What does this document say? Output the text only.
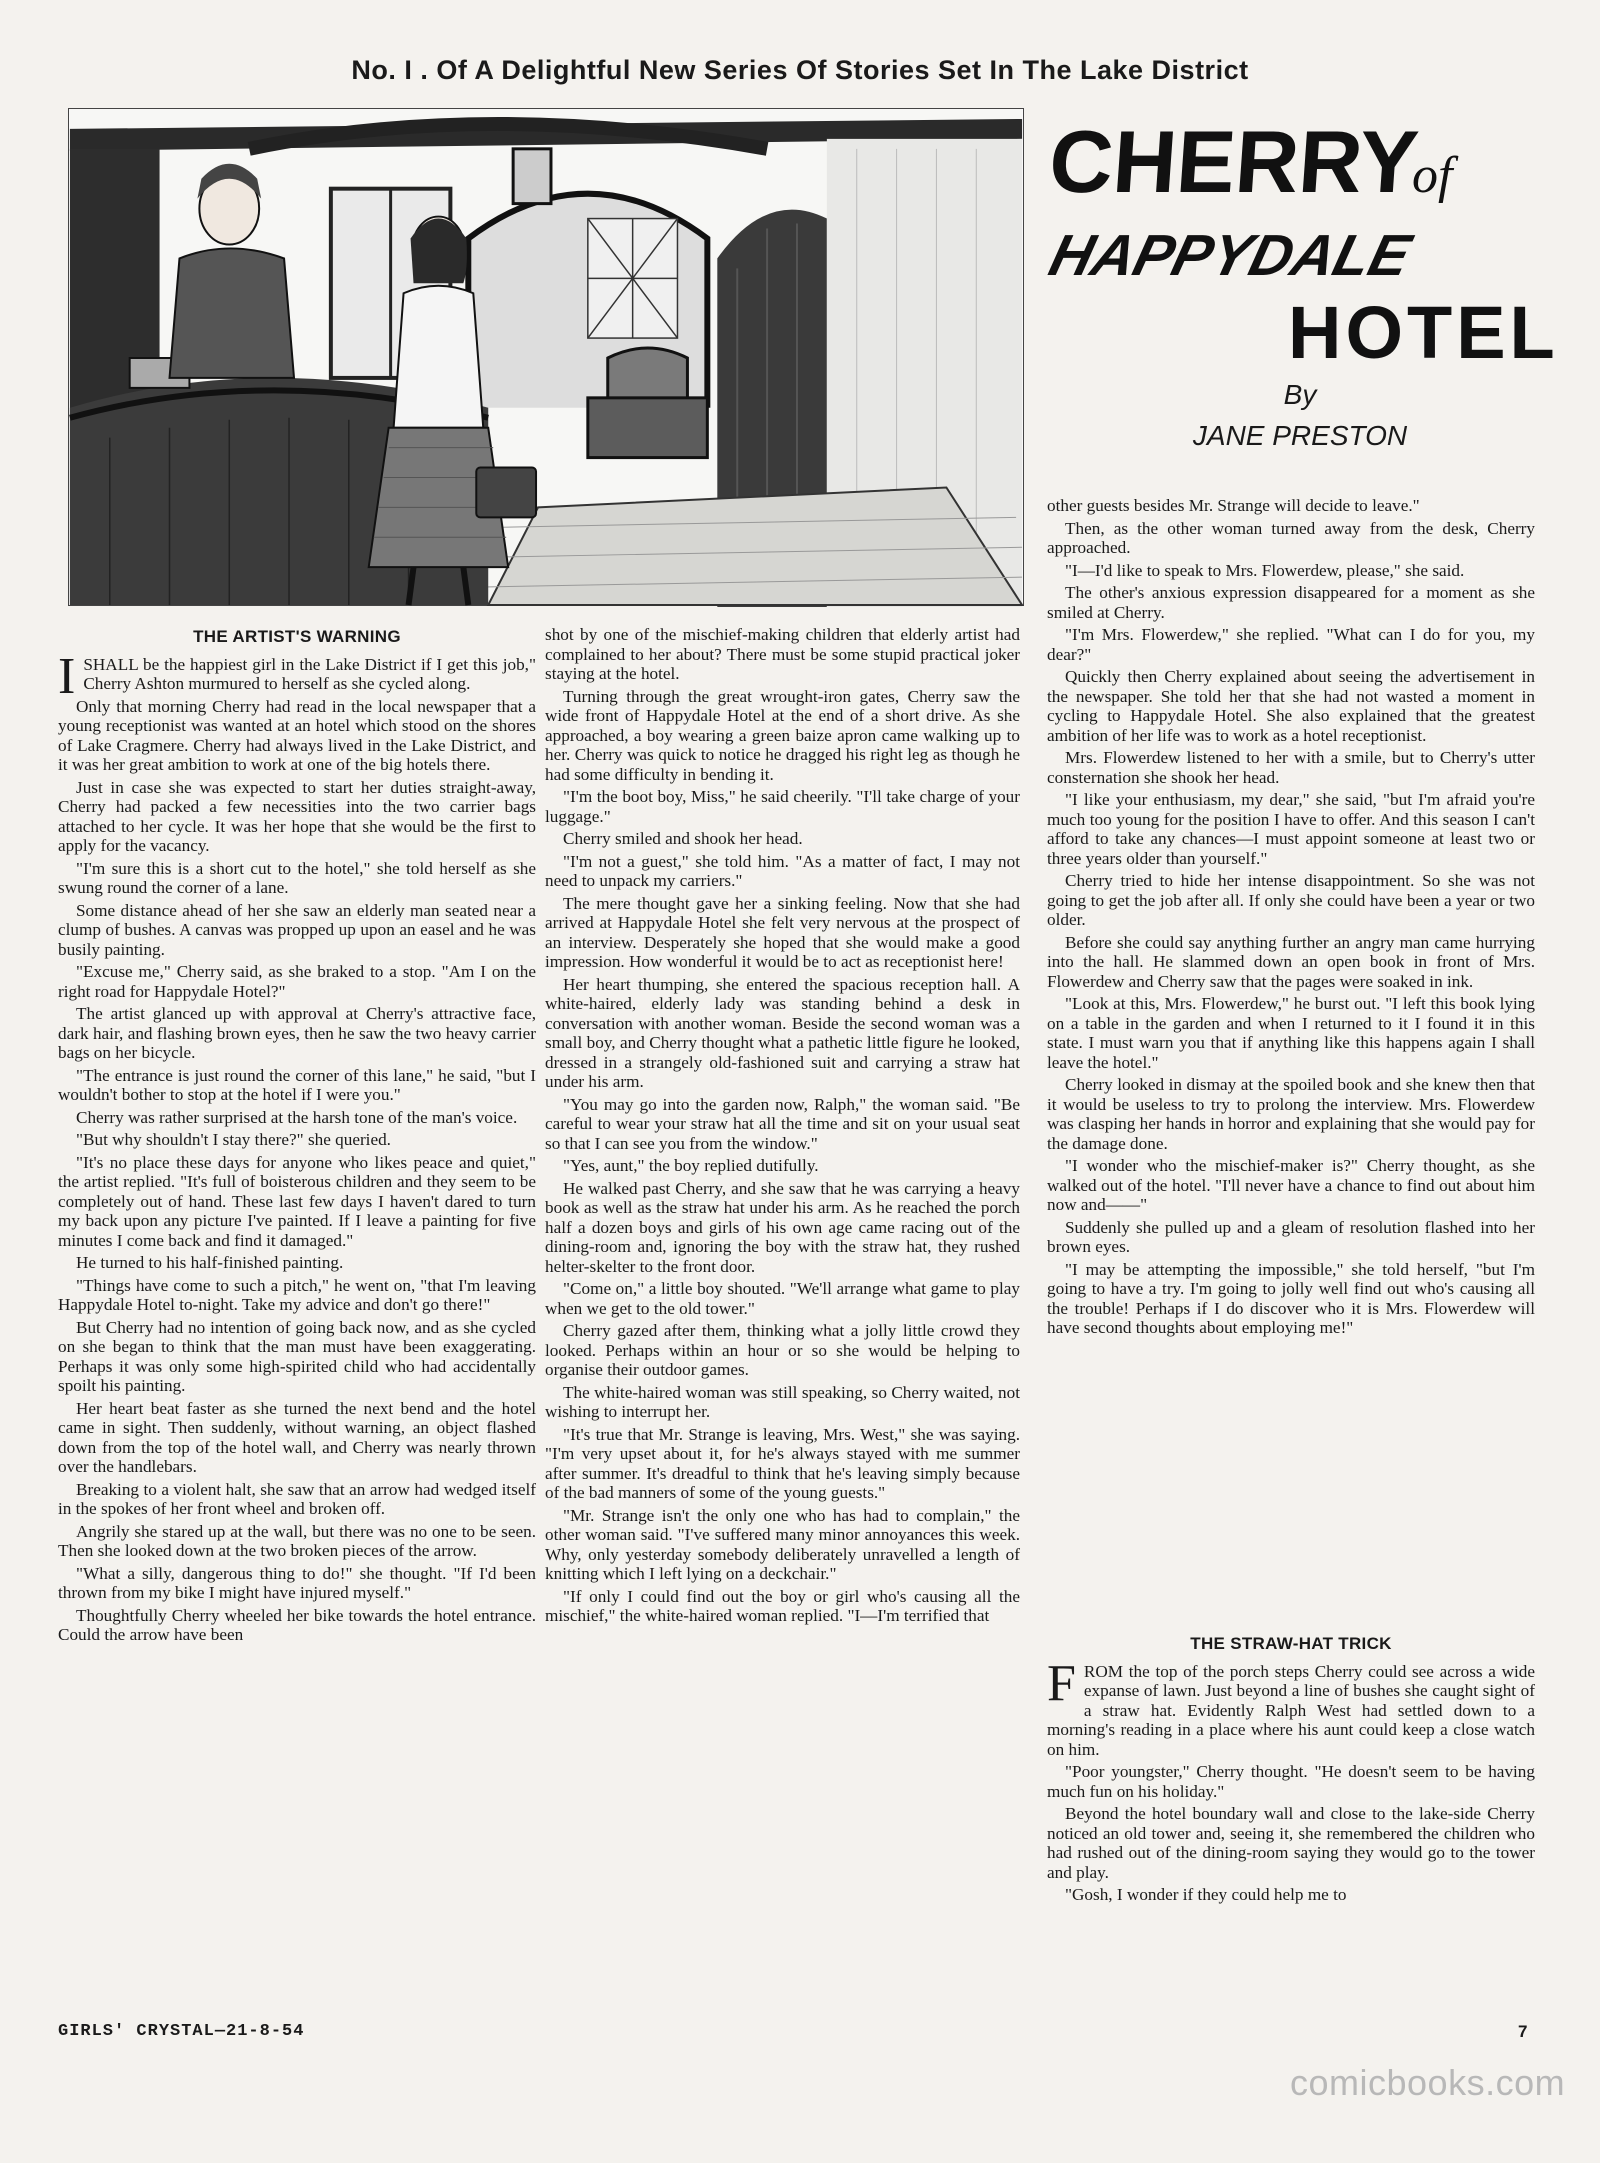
No. I . Of A Delightful New Series Of Stories Set In The Lake District
CHERRY
of
HAPPYDALE
HOTEL
By
JANE PRESTON
THE ARTIST'S WARNING

ISHALL be the happiest girl in the Lake District if I get this job," Cherry Ashton murmured to herself as she cycled along.

Only that morning Cherry had read in the local newspaper that a young receptionist was wanted at an hotel which stood on the shores of Lake Cragmere. Cherry had always lived in the Lake District, and it was her great ambition to work at one of the big hotels there.

Just in case she was expected to start her duties straight-away, Cherry had packed a few necessities into the two carrier bags attached to her cycle. It was her hope that she would be the first to apply for the vacancy.

"I'm sure this is a short cut to the hotel," she told herself as she swung round the corner of a lane.

Some distance ahead of her she saw an elderly man seated near a clump of bushes. A canvas was propped up upon an easel and he was busily painting.

"Excuse me," Cherry said, as she braked to a stop. "Am I on the right road for Happydale Hotel?"

The artist glanced up with approval at Cherry's attractive face, dark hair, and flashing brown eyes, then he saw the two heavy carrier bags on her bicycle.

"The entrance is just round the corner of this lane," he said, "but I wouldn't bother to stop at the hotel if I were you."

Cherry was rather surprised at the harsh tone of the man's voice.

"But why shouldn't I stay there?" she queried.

"It's no place these days for anyone who likes peace and quiet," the artist replied. "It's full of boisterous children and they seem to be completely out of hand. These last few days I haven't dared to turn my back upon any picture I've painted. If I leave a painting for five minutes I come back and find it damaged."

He turned to his half-finished painting.

"Things have come to such a pitch," he went on, "that I'm leaving Happydale Hotel to-night. Take my advice and don't go there!"

But Cherry had no intention of going back now, and as she cycled on she began to think that the man must have been exaggerating. Perhaps it was only some high-spirited child who had accidentally spoilt his painting.

Her heart beat faster as she turned the next bend and the hotel came in sight. Then suddenly, without warning, an object flashed down from the top of the hotel wall, and Cherry was nearly thrown over the handlebars.

Breaking to a violent halt, she saw that an arrow had wedged itself in the spokes of her front wheel and broken off.

Angrily she stared up at the wall, but there was no one to be seen. Then she looked down at the two broken pieces of the arrow.

"What a silly, dangerous thing to do!" she thought. "If I'd been thrown from my bike I might have injured myself."

Thoughtfully Cherry wheeled her bike towards the hotel entrance. Could the arrow have been

shot by one of the mischief-making children that elderly artist had complained to her about? There must be some stupid practical joker staying at the hotel.

Turning through the great wrought-iron gates, Cherry saw the wide front of Happydale Hotel at the end of a short drive. As she approached, a boy wearing a green baize apron came walking up to her. Cherry was quick to notice he dragged his right leg as though he had some difficulty in bending it.

"I'm the boot boy, Miss," he said cheerily. "I'll take charge of your luggage."

Cherry smiled and shook her head.

"I'm not a guest," she told him. "As a matter of fact, I may not need to unpack my carriers."

The mere thought gave her a sinking feeling. Now that she had arrived at Happydale Hotel she felt very nervous at the prospect of an interview. Desperately she hoped that she would make a good impression. How wonderful it would be to act as receptionist here!

Her heart thumping, she entered the spacious reception hall. A white-haired, elderly lady was standing behind a desk in conversation with another woman. Beside the second woman was a small boy, and Cherry thought what a pathetic little figure he looked, dressed in a strangely old-fashioned suit and carrying a straw hat under his arm.

"You may go into the garden now, Ralph," the woman said. "Be careful to wear your straw hat all the time and sit on your usual seat so that I can see you from the window."

"Yes, aunt," the boy replied dutifully.

He walked past Cherry, and she saw that he was carrying a heavy book as well as the straw hat under his arm. As he reached the porch half a dozen boys and girls of his own age came racing out of the dining-room and, ignoring the boy with the straw hat, they rushed helter-skelter to the front door.

"Come on," a little boy shouted. "We'll arrange what game to play when we get to the old tower."

Cherry gazed after them, thinking what a jolly little crowd they looked. Perhaps within an hour or so she would be helping to organise their outdoor games.

The white-haired woman was still speaking, so Cherry waited, not wishing to interrupt her.

"It's true that Mr. Strange is leaving, Mrs. West," she was saying. "I'm very upset about it, for he's always stayed with me summer after summer. It's dreadful to think that he's leaving simply because of the bad manners of some of the young guests."

"Mr. Strange isn't the only one who has had to complain," the other woman said. "I've suffered many minor annoyances this week. Why, only yesterday somebody deliberately unravelled a length of knitting which I left lying on a deckchair."

"If only I could find out the boy or girl who's causing all the mischief," the white-haired woman replied. "I—I'm terrified that

other guests besides Mr. Strange will decide to leave."

Then, as the other woman turned away from the desk, Cherry approached.

"I—I'd like to speak to Mrs. Flowerdew, please," she said.

The other's anxious expression disappeared for a moment as she smiled at Cherry.

"I'm Mrs. Flowerdew," she replied. "What can I do for you, my dear?"

Quickly then Cherry explained about seeing the advertisement in the newspaper. She told her that she had not wasted a moment in cycling to Happydale Hotel. She also explained that the greatest ambition of her life was to work as a hotel receptionist.

Mrs. Flowerdew listened to her with a smile, but to Cherry's utter consternation she shook her head.

"I like your enthusiasm, my dear," she said, "but I'm afraid you're much too young for the position I have to offer. And this season I can't afford to take any chances—I must appoint someone at least two or three years older than yourself."

Cherry tried to hide her intense disappointment. So she was not going to get the job after all. If only she could have been a year or two older.

Before she could say anything further an angry man came hurrying into the hall. He slammed down an open book in front of Mrs. Flowerdew and Cherry saw that the pages were soaked in ink.

"Look at this, Mrs. Flowerdew," he burst out. "I left this book lying on a table in the garden and when I returned to it I found it in this state. I must warn you that if anything like this happens again I shall leave the hotel."

Cherry looked in dismay at the spoiled book and she knew then that it would be useless to try to prolong the interview. Mrs. Flowerdew was clasping her hands in horror and explaining that she would pay for the damage done.

"I wonder who the mischief-maker is?" Cherry thought, as she walked out of the hotel. "I'll never have a chance to find out about him now and——"

Suddenly she pulled up and a gleam of resolution flashed into her brown eyes.

"I may be attempting the impossible," she told herself, "but I'm going to have a try. I'm going to jolly well find out who's causing all the trouble! Perhaps if I do discover who it is Mrs. Flowerdew will have second thoughts about employing me!"

THE STRAW-HAT TRICK

FROM the top of the porch steps Cherry could see across a wide expanse of lawn. Just beyond a line of bushes she caught sight of a straw hat. Evidently Ralph West had settled down to a morning's reading in a place where his aunt could keep a close watch on him.

"Poor youngster," Cherry thought. "He doesn't seem to be having much fun on his holiday."

Beyond the hotel boundary wall and close to the lake-side Cherry noticed an old tower and, seeing it, she remembered the children who had rushed out of the dining-room saying they would go to the tower and play.

"Gosh, I wonder if they could help me to

GIRLS' CRYSTAL—21-8-54	7
comicbooks.com
